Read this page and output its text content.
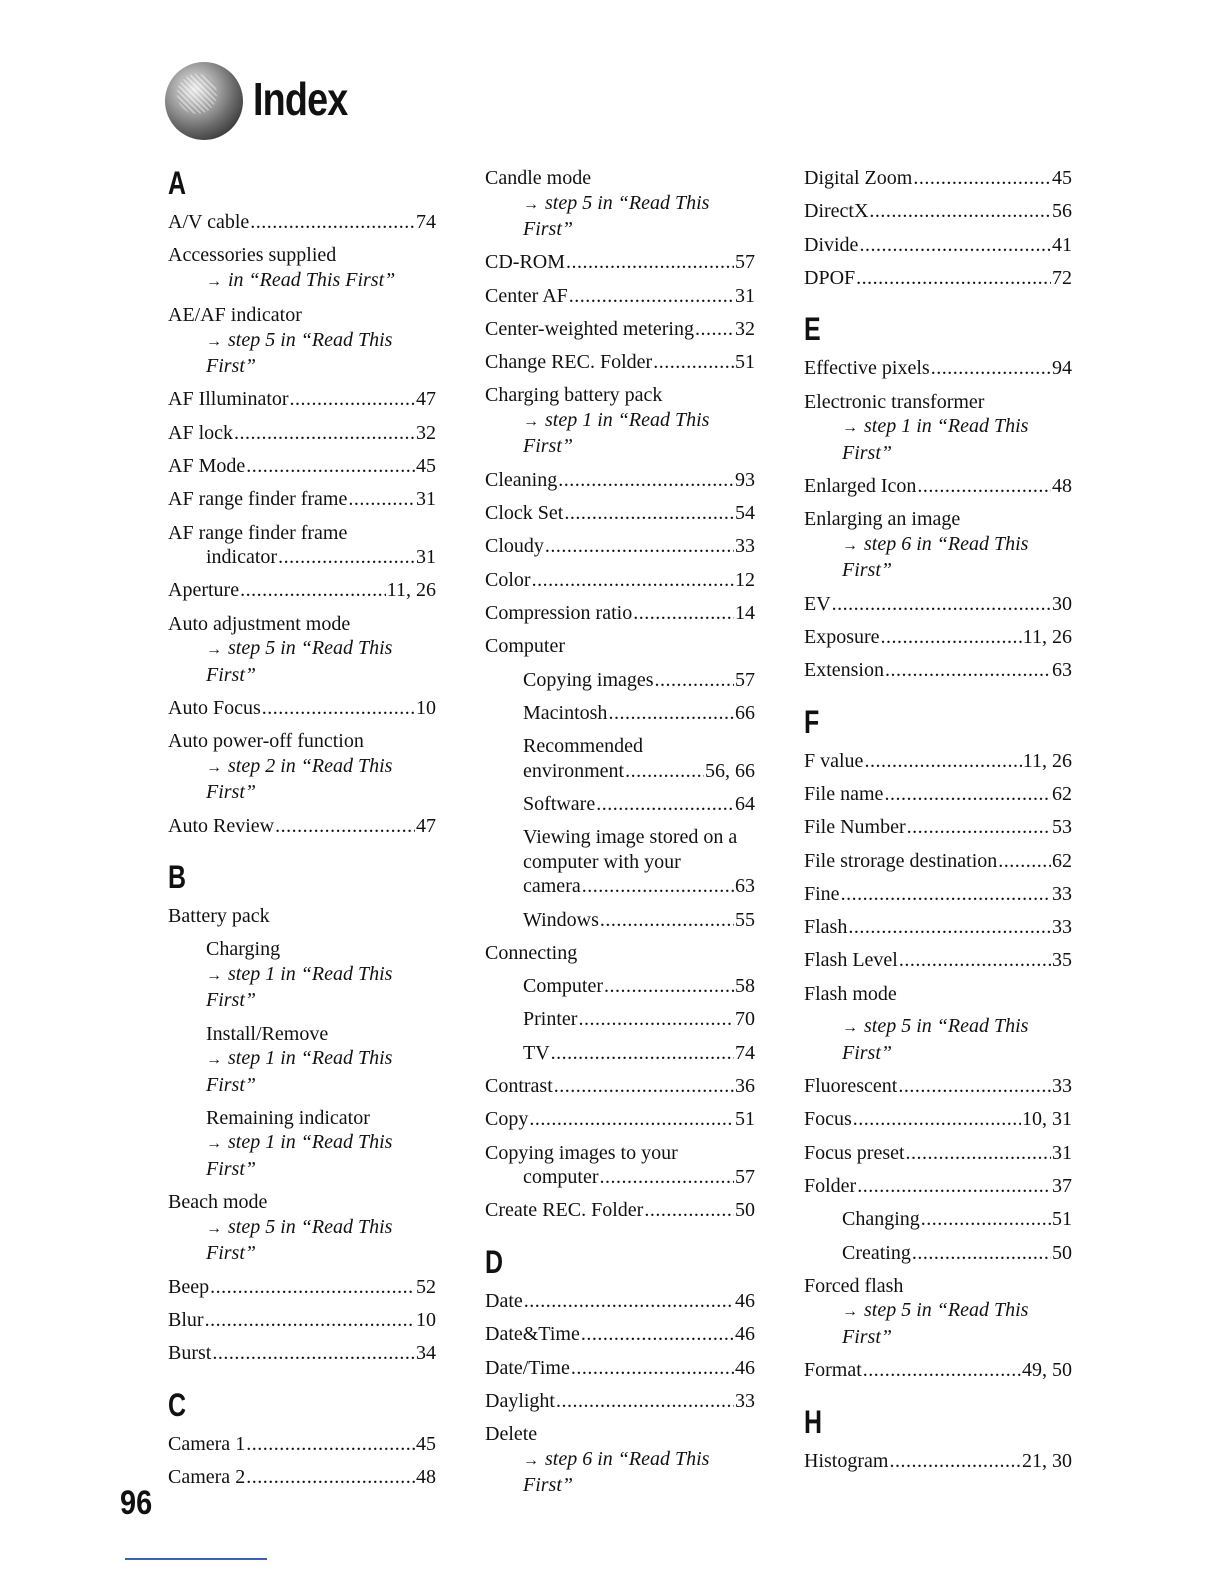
Index
A
A/V cable .....	74
Accessories supplied
→ in “Read This First”
AE/AF indicator
→ step 5 in “Read This
First”
AF Illuminator .....	47
AF lock .....	32
AF Mode .....	45
AF range finder frame .....	31
AF range finder frame
indicator .....	31
Aperture .....	11, 26
Auto adjustment mode
→ step 5 in “Read This
First”
Auto Focus .....	10
Auto power-off function
→ step 2 in “Read This
First”
Auto Review .....	47
B
Battery pack
Charging
→ step 1 in “Read This
First”
Install/Remove
→ step 1 in “Read This
First”
Remaining indicator
→ step 1 in “Read This
First”
Beach mode
→ step 5 in “Read This
First”
Beep .....	52
Blur .....	10
Burst .....	34
C
Camera 1 .....	45
Camera 2 .....	48
Candle mode
→ step 5 in “Read This
First”
CD-ROM .....	57
Center AF .....	31
Center-weighted metering ..... 32
Change REC. Folder .....	51
Charging battery pack
→ step 1 in “Read This
First”
Cleaning .....	93
Clock Set .....	54
Cloudy .....	33
Color .....	12
Compression ratio .....	14
Computer
Copying images .....	57
Macintosh .....	66
Recommended
environment .....	56, 66
Software .....	64
Viewing image stored on a
computer with your
camera .....	63
Windows .....	55
Connecting
Computer .....	58
Printer .....	70
TV .....	74
Contrast .....	36
Copy .....	51
Copying images to your
computer .....	57
Create REC. Folder .....	50
D
Date .....	46
Date&Time .....	46
Date/Time .....	46
Daylight .....	33
Delete
→ step 6 in “Read This
First”
Digital Zoom .....	45
DirectX .....	56
Divide .....	41
DPOF .....	72
E
Effective pixels .....	94
Electronic transformer
→ step 1 in “Read This
First”
Enlarged Icon .....	48
Enlarging an image
→ step 6 in “Read This
First”
EV .....	30
Exposure .....	11, 26
Extension .....	63
F
F value .....	11, 26
File name .....	62
File Number .....	53
File strorage destination .....	62
Fine .....	33
Flash .....	33
Flash Level .....	35
Flash mode
→ step 5 in “Read This
First”
Fluorescent .....	33
Focus .....	10, 31
Focus preset .....	31
Folder .....	37
Changing .....	51
Creating .....	50
Forced flash
→ step 5 in “Read This
First”
Format .....	49, 50
H
Histogram .....	21, 30
96
